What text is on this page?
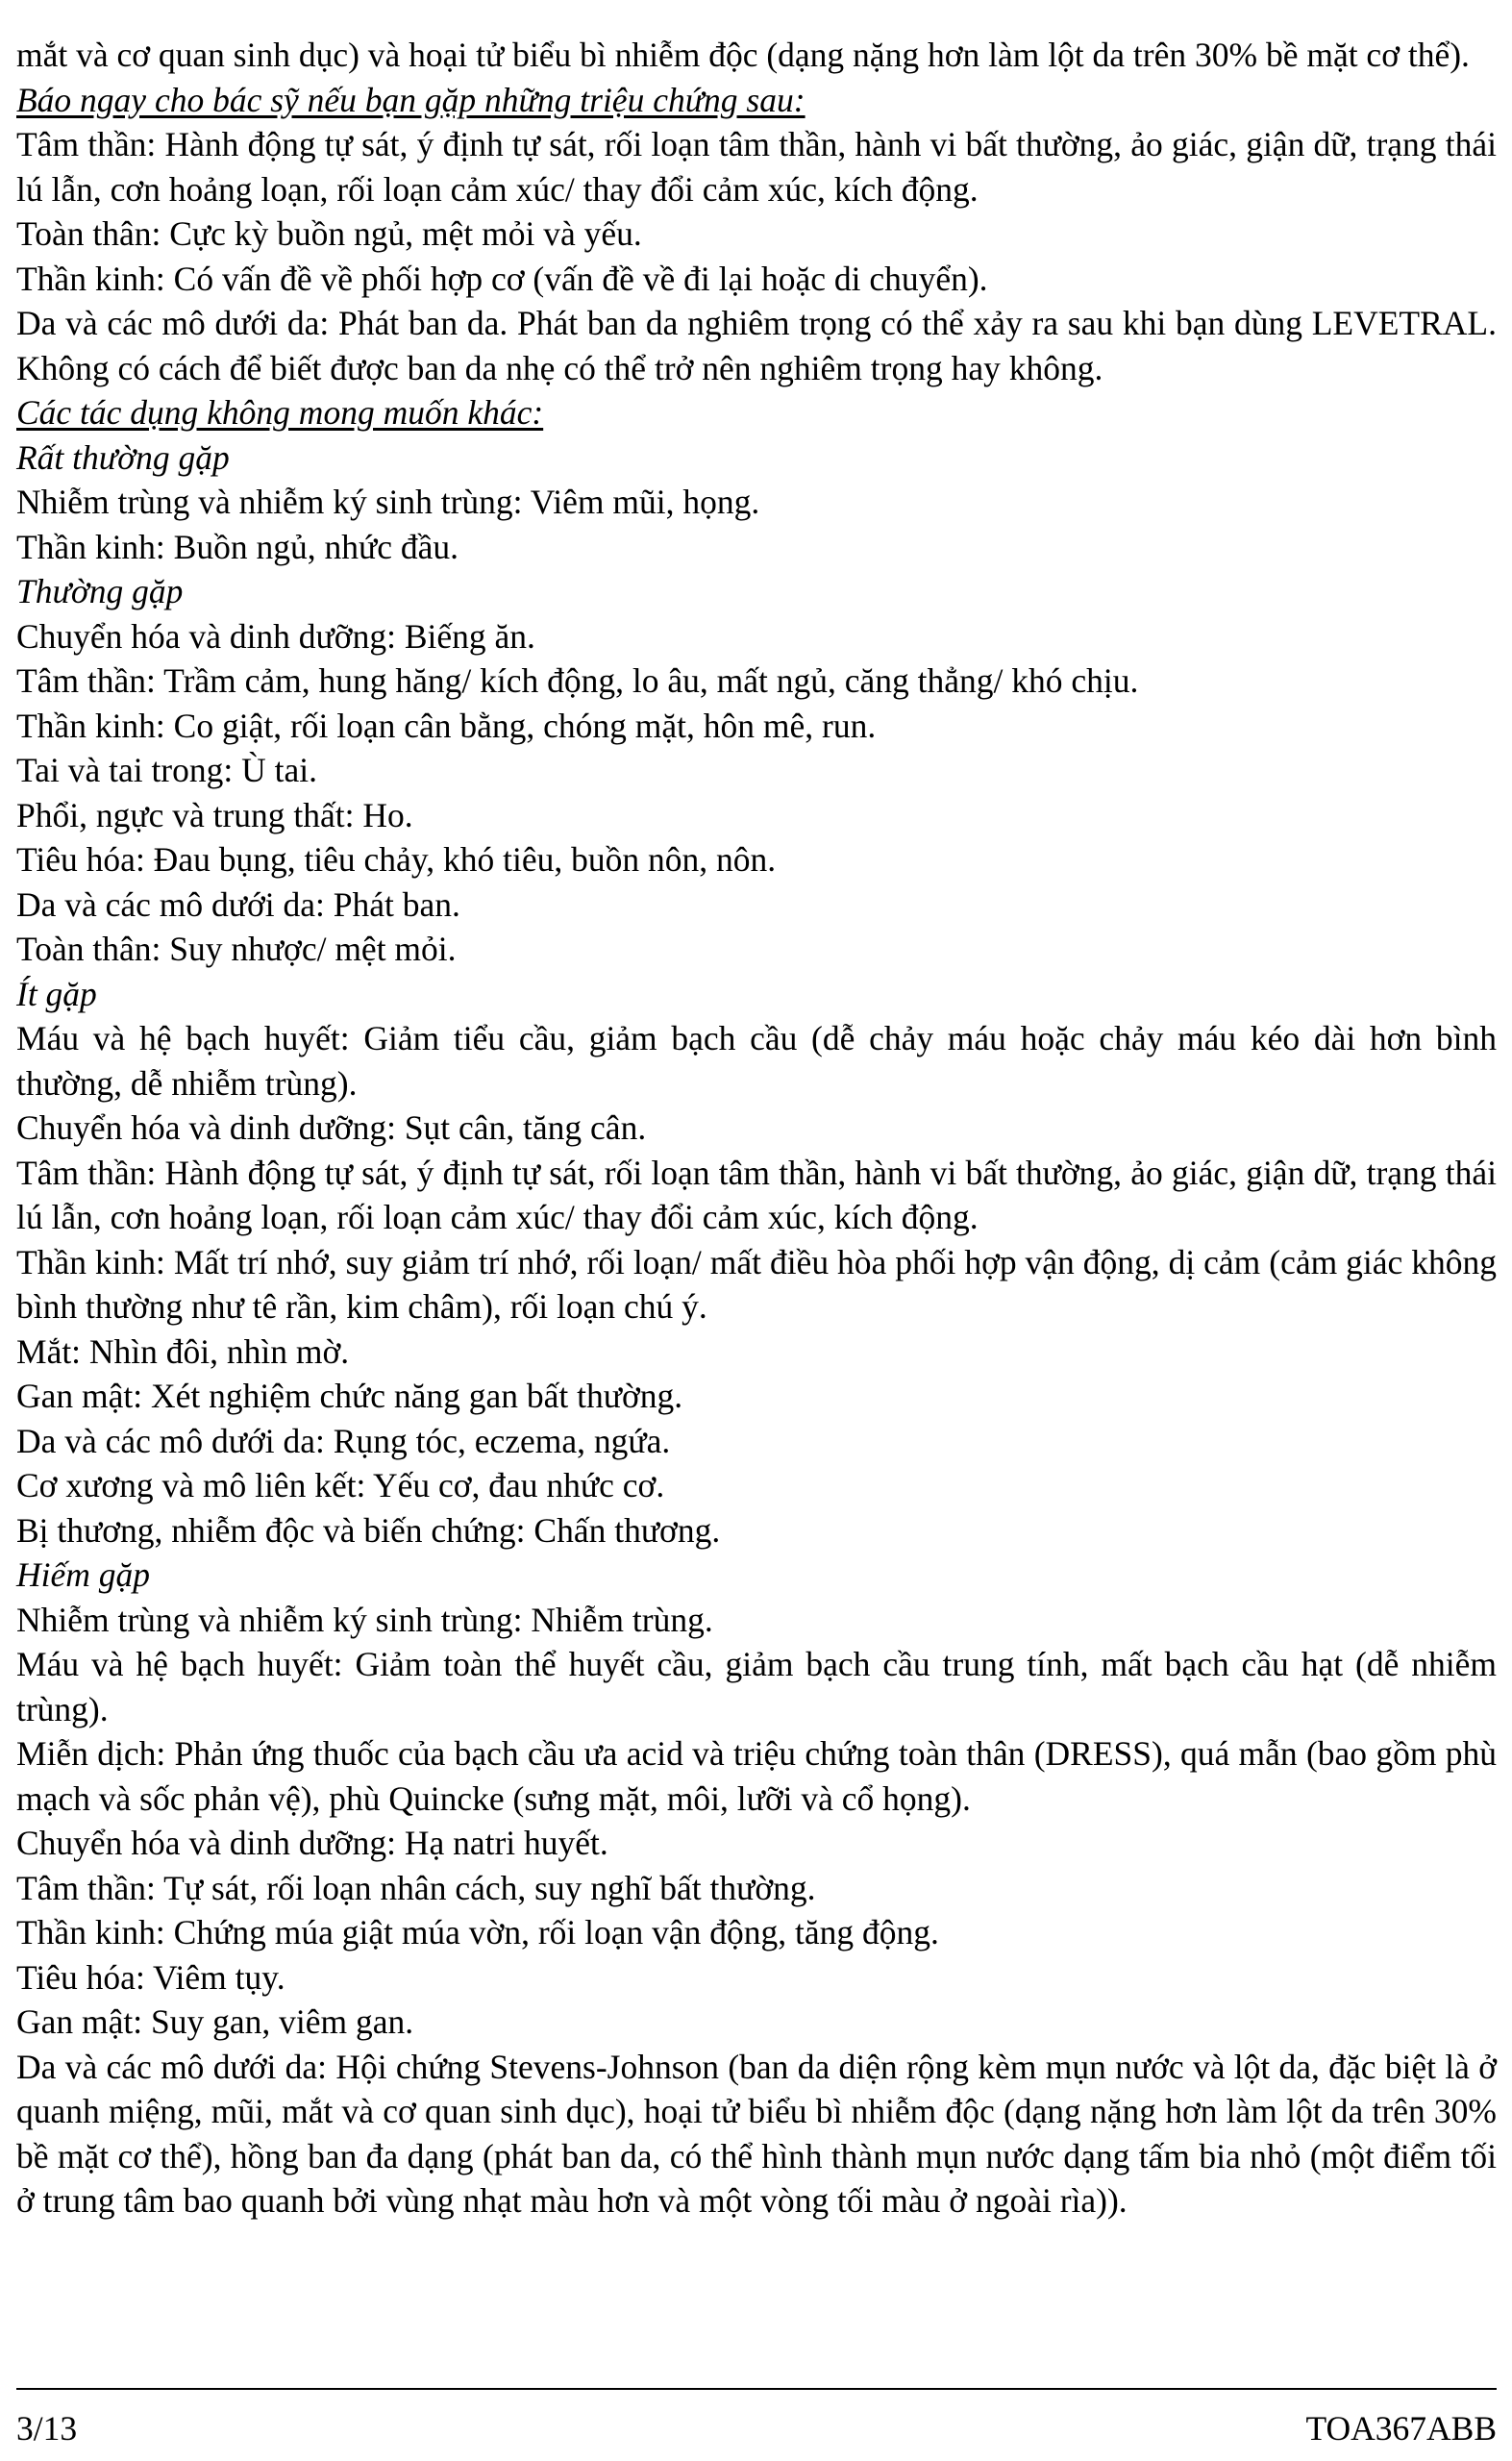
mắt và cơ quan sinh dục) và hoại tử biểu bì nhiễm độc (dạng nặng hơn làm lột da trên 30% bề mặt cơ thể).
Báo ngay cho bác sỹ nếu bạn gặp những triệu chứng sau:
Tâm thần: Hành động tự sát, ý định tự sát, rối loạn tâm thần, hành vi bất thường, ảo giác, giận dữ, trạng thái lú lẫn, cơn hoảng loạn, rối loạn cảm xúc/ thay đổi cảm xúc, kích động.
Toàn thân: Cực kỳ buồn ngủ, mệt mỏi và yếu.
Thần kinh: Có vấn đề về phối hợp cơ (vấn đề về đi lại hoặc di chuyển).
Da và các mô dưới da: Phát ban da. Phát ban da nghiêm trọng có thể xảy ra sau khi bạn dùng LEVETRAL. Không có cách để biết được ban da nhẹ có thể trở nên nghiêm trọng hay không.
Các tác dụng không mong muốn khác:
Rất thường gặp
Nhiễm trùng và nhiễm ký sinh trùng: Viêm mũi, họng.
Thần kinh: Buồn ngủ, nhức đầu.
Thường gặp
Chuyển hóa và dinh dưỡng: Biếng ăn.
Tâm thần: Trầm cảm, hung hăng/ kích động, lo âu, mất ngủ, căng thẳng/ khó chịu.
Thần kinh: Co giật, rối loạn cân bằng, chóng mặt, hôn mê, run.
Tai và tai trong: Ù tai.
Phổi, ngực và trung thất: Ho.
Tiêu hóa: Đau bụng, tiêu chảy, khó tiêu, buồn nôn, nôn.
Da và các mô dưới da: Phát ban.
Toàn thân: Suy nhược/ mệt mỏi.
Ít gặp
Máu và hệ bạch huyết: Giảm tiểu cầu, giảm bạch cầu (dễ chảy máu hoặc chảy máu kéo dài hơn bình thường, dễ nhiễm trùng).
Chuyển hóa và dinh dưỡng: Sụt cân, tăng cân.
Tâm thần: Hành động tự sát, ý định tự sát, rối loạn tâm thần, hành vi bất thường, ảo giác, giận dữ, trạng thái lú lẫn, cơn hoảng loạn, rối loạn cảm xúc/ thay đổi cảm xúc, kích động.
Thần kinh: Mất trí nhớ, suy giảm trí nhớ, rối loạn/ mất điều hòa phối hợp vận động, dị cảm (cảm giác không bình thường như tê rần, kim châm), rối loạn chú ý.
Mắt: Nhìn đôi, nhìn mờ.
Gan mật: Xét nghiệm chức năng gan bất thường.
Da và các mô dưới da: Rụng tóc, eczema, ngứa.
Cơ xương và mô liên kết: Yếu cơ, đau nhức cơ.
Bị thương, nhiễm độc và biến chứng: Chấn thương.
Hiếm gặp
Nhiễm trùng và nhiễm ký sinh trùng: Nhiễm trùng.
Máu và hệ bạch huyết: Giảm toàn thể huyết cầu, giảm bạch cầu trung tính, mất bạch cầu hạt (dễ nhiễm trùng).
Miễn dịch: Phản ứng thuốc của bạch cầu ưa acid và triệu chứng toàn thân (DRESS), quá mẫn (bao gồm phù mạch và sốc phản vệ), phù Quincke (sưng mặt, môi, lưỡi và cổ họng).
Chuyển hóa và dinh dưỡng: Hạ natri huyết.
Tâm thần: Tự sát, rối loạn nhân cách, suy nghĩ bất thường.
Thần kinh: Chứng múa giật múa vờn, rối loạn vận động, tăng động.
Tiêu hóa: Viêm tụy.
Gan mật: Suy gan, viêm gan.
Da và các mô dưới da: Hội chứng Stevens-Johnson (ban da diện rộng kèm mụn nước và lột da, đặc biệt là ở quanh miệng, mũi, mắt và cơ quan sinh dục), hoại tử biểu bì nhiễm độc (dạng nặng hơn làm lột da trên 30% bề mặt cơ thể), hồng ban đa dạng (phát ban da, có thể hình thành mụn nước dạng tấm bia nhỏ (một điểm tối ở trung tâm bao quanh bởi vùng nhạt màu hơn và một vòng tối màu ở ngoài rìa)).
3/13	TOA367ABB
